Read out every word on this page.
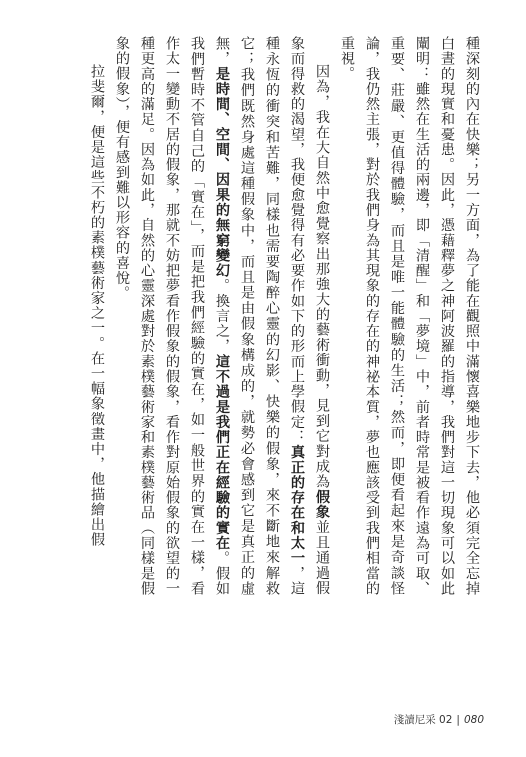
種深刻的內在快樂；另一方面，為了能在觀照中滿懷喜樂地步下去，他必須完全忘掉白晝的現實和憂患。因此，憑藉釋夢之神阿波羅的指導，我們對這一切現象可以如此闡明：雖然在生活的兩邊，即「清醒」和「夢境」中，前者時常是被看作遠為可取、重要、莊嚴、更值得體驗，而且是唯一能體驗的生活；然而，即便看起來是奇談怪論，我仍然主張，對於我們身為其現象的存在的神祕本質，夢也應該受到我們相當的重視。

因為，我在大自然中愈覺察出那強大的藝術衝動，見到它對成為假象並且通過假象而得救的渴望，我便愈覺得有必要作如下的形而上學假定：真正的存在和太一，這種永恆的衝突和苦難，同樣也需要陶醉心靈的幻影、快樂的假象，來不斷地來解救它；我們既然身處這種假象中，而且是由假象構成的，就勢必會感到它是真正的虛無，是時間、空間、因果的無窮變幻。換言之，這不過是我們正在經驗的實在。假如我們暫時不管自己的「實在」，而是把我們經驗的實在，如一般世界的實在一樣，看作太一變動不居的假象，那就不妨把夢看作假象的假象，看作對原始假象的欲望的一種更高的滿足。因為如此，自然的心靈深處對於素樸藝術家和素樸藝術品（同樣是假象的假象），便有感到難以形容的喜悅。

拉斐爾，便是這些不朽的素樸藝術家之一。在一幅象徵畫中，他描繪出假

淺讀尼采 02 | 080
